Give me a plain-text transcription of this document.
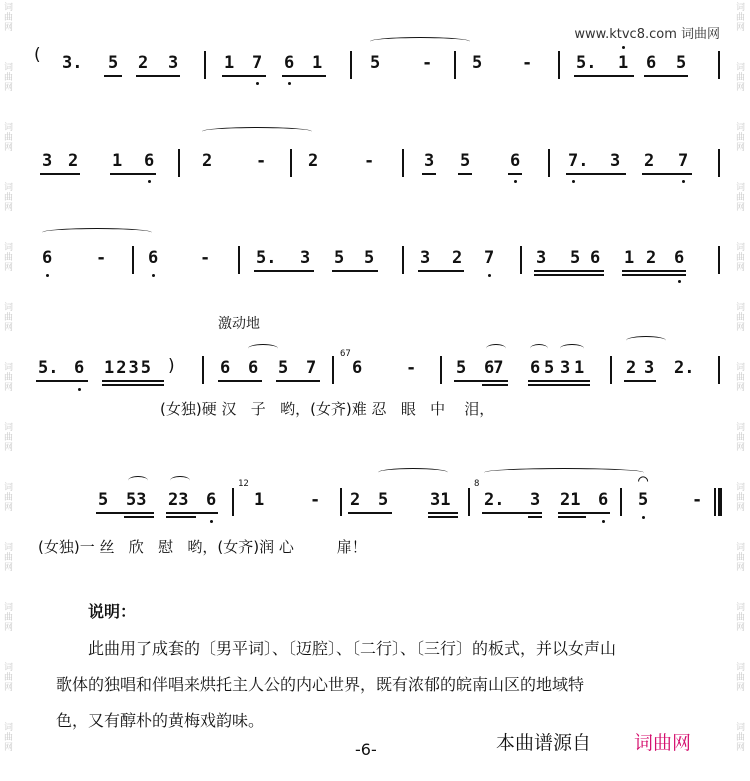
词曲网
词曲网
词曲网
词曲网
词曲网
词曲网
词曲网
词曲网
词曲网
词曲网
词曲网
词曲网
词曲网
词曲网
词曲网
词曲网
词曲网
词曲网
词曲网
词曲网
词曲网
词曲网
词曲网
词曲网
词曲网
词曲网
www.ktvc8.com 词曲网
( 3. 5 2 3	1 7 6 1	5 - 5 -	5. 1 6 5
3 2 1 6	2	- 2	-	3 5 6	7. 3 2 7
6	- 6 -	5. 3 5 5	3 2 7 3 5 6 1 2 6
激动地
5. 6 1235 )	6 6 5 7
67
6	- 5 67 6 5 3 1 2 3 2.
(女独)硬 汉   子   哟，(女齐)难 忍   眼   中    泪，
5 53 23 6
12
1	- 2 5 31
8
2. 3 21 6
⌒
5	-
(女独)一 丝   欣   慰   哟，(女齐)润 心         扉！
说明：
此曲用了成套的〔男平词〕、〔迈腔〕、〔二行〕、〔三行〕的板式，并以女声山
歌体的独唱和伴唱来烘托主人公的内心世界，既有浓郁的皖南山区的地域特
色，又有醇朴的黄梅戏韵味。
-6-	本曲谱源自 词曲网
